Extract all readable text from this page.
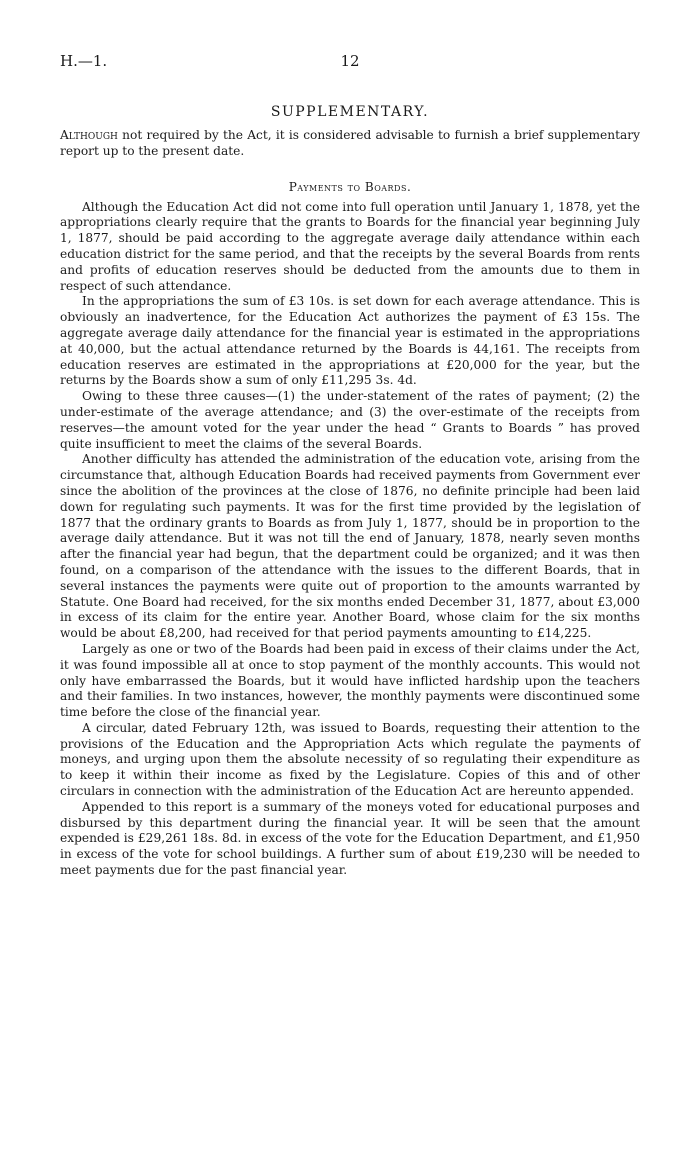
H.—1.	12
SUPPLEMENTARY.

Although not required by the Act, it is considered advisable to furnish a brief supplementary report up to the present date.

Payments to Boards.

Although the Education Act did not come into full operation until January 1, 1878, yet the appropriations clearly require that the grants to Boards for the financial year beginning July 1, 1877, should be paid according to the aggregate average daily attendance within each education district for the same period, and that the receipts by the several Boards from rents and profits of education reserves should be deducted from the amounts due to them in respect of such attendance.

In the appropriations the sum of £3 10s. is set down for each average attendance. This is obviously an inadvertence, for the Education Act authorizes the payment of £3 15s. The aggregate average daily attendance for the financial year is estimated in the appropriations at 40,000, but the actual attendance returned by the Boards is 44,161. The receipts from education reserves are estimated in the appropriations at £20,000 for the year, but the returns by the Boards show a sum of only £11,295 3s. 4d.

Owing to these three causes—(1) the under-statement of the rates of payment; (2) the under-estimate of the average attendance; and (3) the over-estimate of the receipts from reserves—the amount voted for the year under the head “ Grants to Boards ” has proved quite insufficient to meet the claims of the several Boards.

Another difficulty has attended the administration of the education vote, arising from the circumstance that, although Education Boards had received payments from Government ever since the abolition of the provinces at the close of 1876, no definite principle had been laid down for regulating such payments. It was for the first time provided by the legislation of 1877 that the ordinary grants to Boards as from July 1, 1877, should be in proportion to the average daily attendance. But it was not till the end of January, 1878, nearly seven months after the financial year had begun, that the department could be organized; and it was then found, on a comparison of the attendance with the issues to the different Boards, that in several instances the payments were quite out of proportion to the amounts warranted by Statute. One Board had received, for the six months ended December 31, 1877, about £3,000 in excess of its claim for the entire year. Another Board, whose claim for the six months would be about £8,200, had received for that period payments amounting to £14,225.

Largely as one or two of the Boards had been paid in excess of their claims under the Act, it was found impossible all at once to stop payment of the monthly accounts. This would not only have embarrassed the Boards, but it would have inflicted hardship upon the teachers and their families. In two instances, however, the monthly payments were discontinued some time before the close of the financial year.

A circular, dated February 12th, was issued to Boards, requesting their attention to the provisions of the Education and the Appropriation Acts which regulate the payments of moneys, and urging upon them the absolute necessity of so regulating their expenditure as to keep it within their income as fixed by the Legislature. Copies of this and of other circulars in connection with the administration of the Education Act are hereunto appended.

Appended to this report is a summary of the moneys voted for educational purposes and disbursed by this department during the financial year. It will be seen that the amount expended is £29,261 18s. 8d. in excess of the vote for the Education Department, and £1,950 in excess of the vote for school buildings. A further sum of about £19,230 will be needed to meet payments due for the past financial year.
